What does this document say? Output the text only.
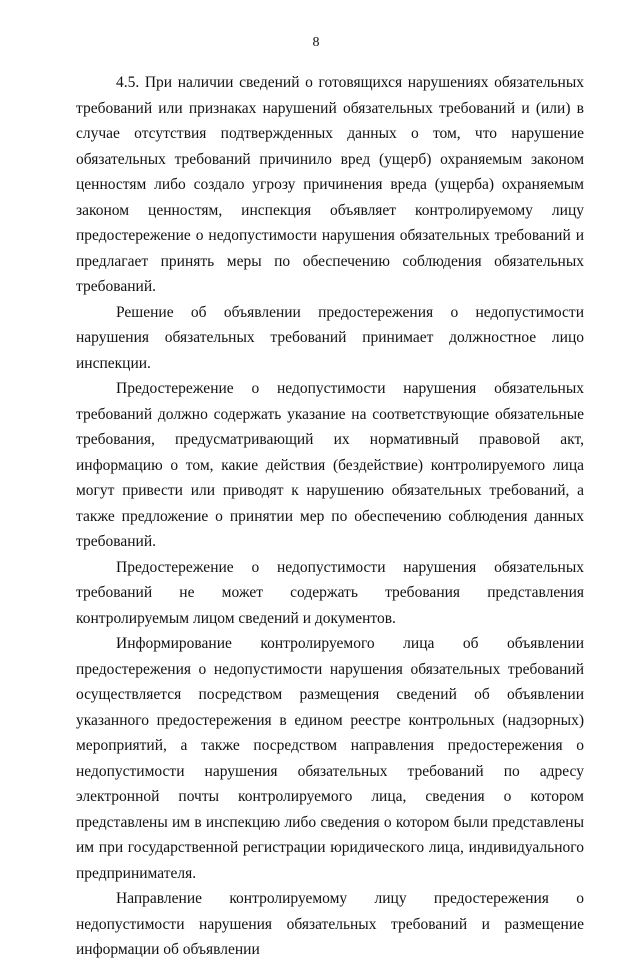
8

4.5. При наличии сведений о готовящихся нарушениях обязательных требований или признаках нарушений обязательных требований и (или) в случае отсутствия подтвержденных данных о том, что нарушение обязательных требований причинило вред (ущерб) охраняемым законом ценностям либо создало угрозу причинения вреда (ущерба) охраняемым законом ценностям, инспекция объявляет контролируемому лицу предостережение о недопустимости нарушения обязательных требований и предлагает принять меры по обеспечению соблюдения обязательных требований.

Решение об объявлении предостережения о недопустимости нарушения обязательных требований принимает должностное лицо инспекции.

Предостережение о недопустимости нарушения обязательных требований должно содержать указание на соответствующие обязательные требования, предусматривающий их нормативный правовой акт, информацию о том, какие действия (бездействие) контролируемого лица могут привести или приводят к нарушению обязательных требований, а также предложение о принятии мер по обеспечению соблюдения данных требований.

Предостережение о недопустимости нарушения обязательных требований не может содержать требования представления контролируемым лицом сведений и документов.

Информирование контролируемого лица об объявлении предостережения о недопустимости нарушения обязательных требований осуществляется посредством размещения сведений об объявлении указанного предостережения в едином реестре контрольных (надзорных) мероприятий, а также посредством направления предостережения о недопустимости нарушения обязательных требований по адресу электронной почты контролируемого лица, сведения о котором представлены им в инспекцию либо сведения о котором были представлены им при государственной регистрации юридического лица, индивидуального предпринимателя.

Направление контролируемому лицу предостережения о недопустимости нарушения обязательных требований и размещение информации об объявлении
